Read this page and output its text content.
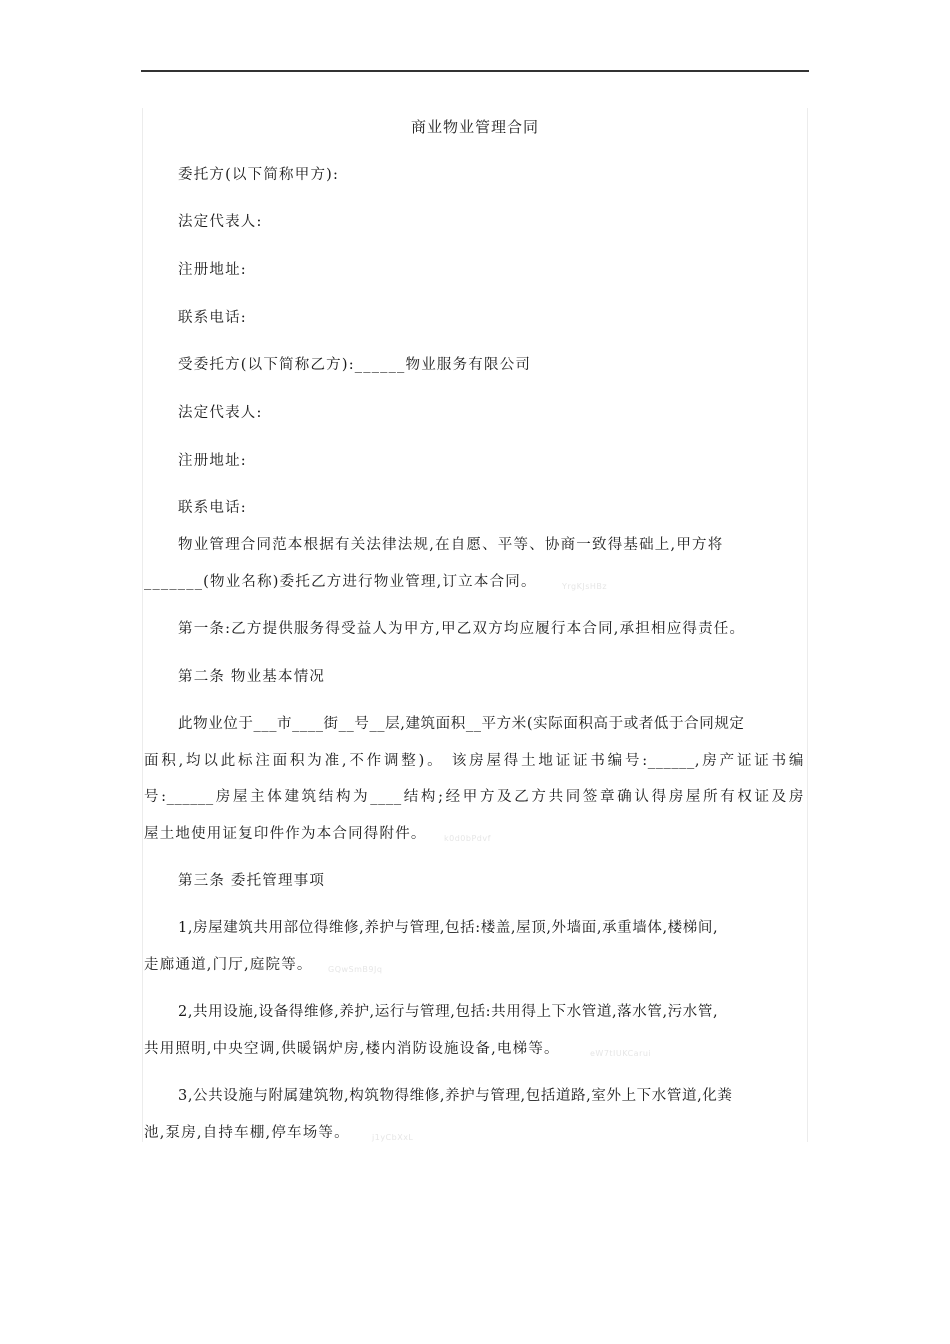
商业物业管理合同
委托方(以下简称甲方):
法定代表人:
注册地址:
联系电话:
受委托方(以下简称乙方):______物业服务有限公司
法定代表人:
注册地址:
联系电话:
物业管理合同范本根据有关法律法规,在自愿、平等、协商一致得基础上,甲方将
_______(物业名称)委托乙方进行物业管理,订立本合同。	YrgKJsHBz
第一条:乙方提供服务得受益人为甲方,甲乙双方均应履行本合同,承担相应得责任。
第二条 物业基本情况
此物业位于___市____街__号__层,建筑面积__平方米(实际面积高于或者低于合同规定
面积,均以此标注面积为准,不作调整)。 该房屋得土地证证书编号:______,房产证证书编
号:______房屋主体建筑结构为____结构;经甲方及乙方共同签章确认得房屋所有权证及房
屋土地使用证复印件作为本合同得附件。 k0d0bPdvf
第三条 委托管理事项
1,房屋建筑共用部位得维修,养护与管理,包括:楼盖,屋顶,外墙面,承重墙体,楼梯间,
走廊通道,门厅,庭院等。 GQwSmB9Jq
2,共用设施,设备得维修,养护,运行与管理,包括:共用得上下水管道,落水管,污水管,
共用照明,中央空调,供暖锅炉房,楼内消防设施设备,电梯等。	eW7tIUKCarui
3,公共设施与附属建筑物,构筑物得维修,养护与管理,包括道路,室外上下水管道,化粪
池,泵房,自持车棚,停车场等。	j1yCbXxL
